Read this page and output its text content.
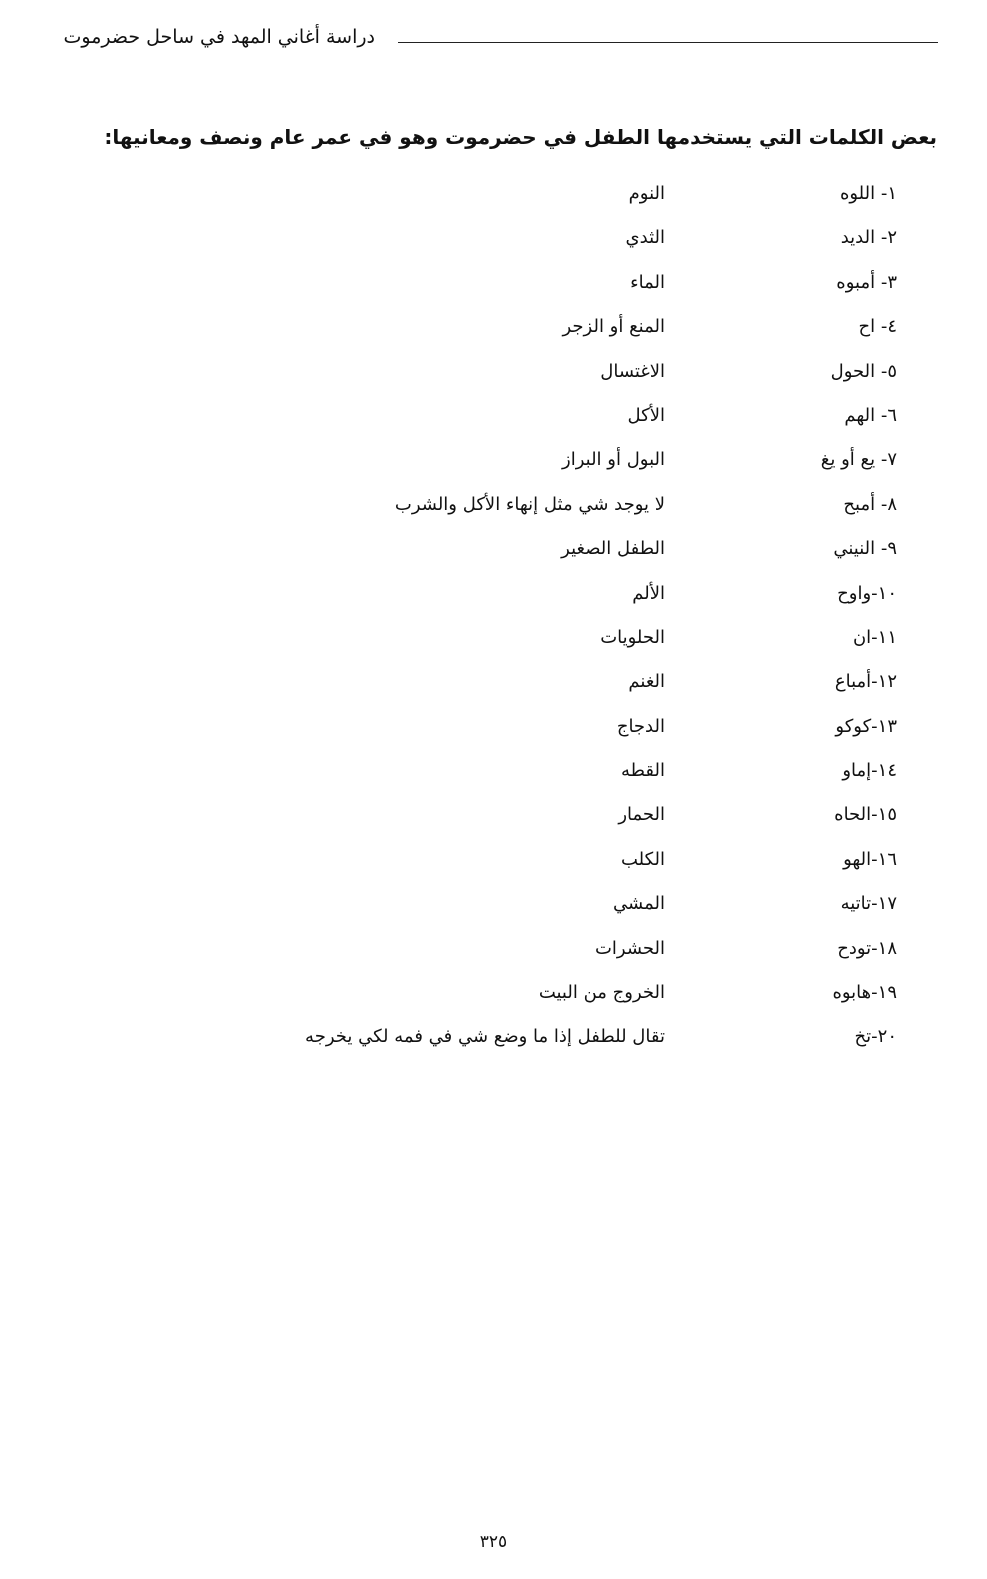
دراسة أغاني المهد في ساحل حضرموت
بعض الكلمات التي يستخدمها الطفل في حضرموت وهو في عمر عام ونصف ومعانيها:
١- اللوه
النوم
٢- الديد
الثدي
٣- أمبوه
الماء
٤- اح
المنع أو الزجر
٥- الحول
الاغتسال
٦- الهم
الأكل
٧- يع أو يغ
البول أو البراز
٨- أمبح
لا يوجد شي مثل إنهاء الأكل والشرب
٩- النيني
الطفل الصغير
١٠-واوح
الألم
١١-ان
الحلويات
١٢-أمباع
الغنم
١٣-كوكو
الدجاج
١٤-إماو
القطه
١٥-الحاه
الحمار
١٦-الهو
الكلب
١٧-تاتيه
المشي
١٨-تودح
الحشرات
١٩-هابوه
الخروج من البيت
٢٠-تخ
تقال للطفل إذا ما وضع شي في فمه لكي يخرجه
٣٢٥
